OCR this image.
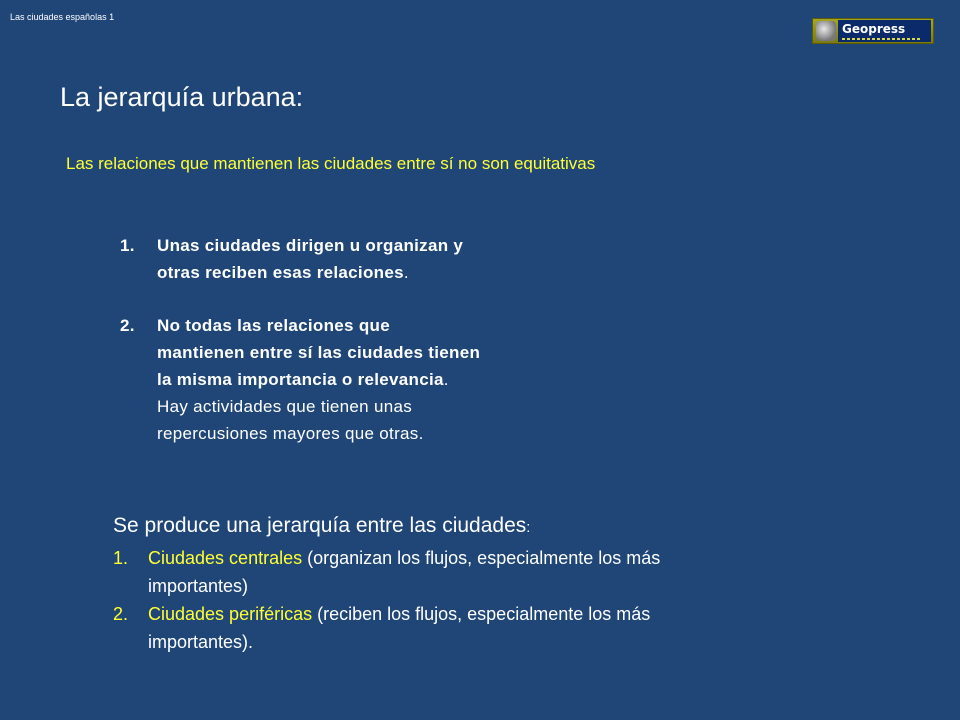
Las ciudades españolas 1
Geopress
La jerarquía urbana:
Las relaciones que mantienen las ciudades entre sí no son equitativas
1.	Unas ciudades dirigen u organizan y
otras reciben esas relaciones.
2.	No todas las relaciones que
mantienen entre sí las ciudades tienen
la misma importancia o relevancia.
Hay actividades que tienen unas
repercusiones mayores que otras.
Se produce una jerarquía entre las ciudades:
1.	Ciudades centrales (organizan los flujos, especialmente los más
importantes)
2.	Ciudades periféricas (reciben los flujos, especialmente los más
importantes).
